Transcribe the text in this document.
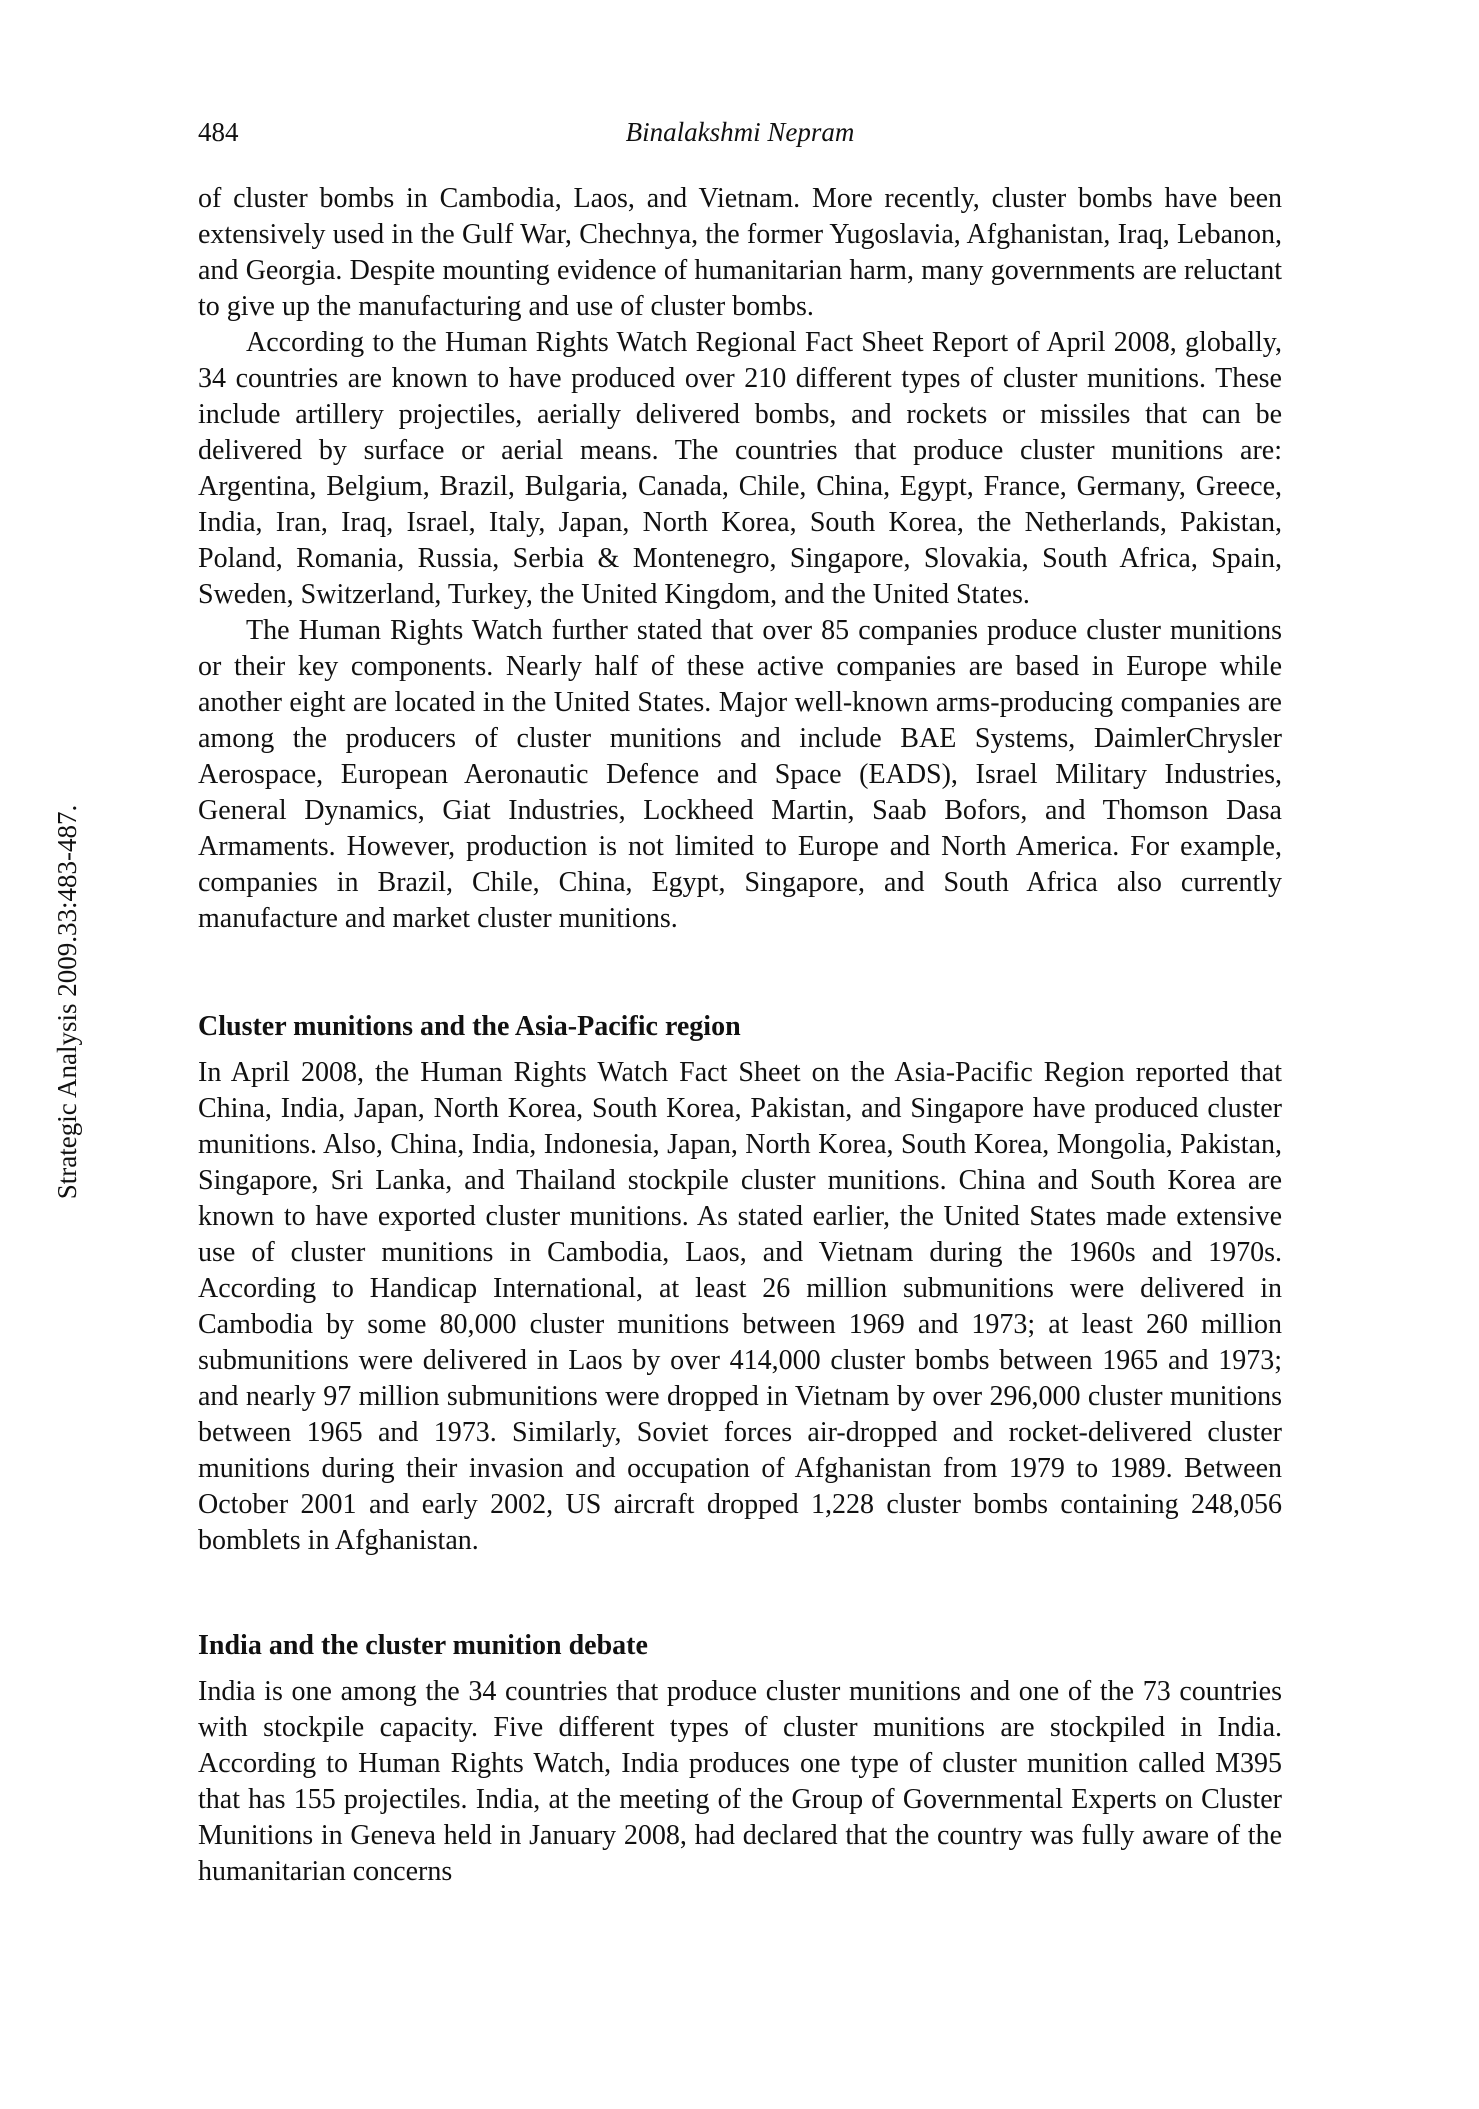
484	Binalakshmi Nepram
Strategic Analysis 2009.33:483-487.

of cluster bombs in Cambodia, Laos, and Vietnam. More recently, cluster bombs have been extensively used in the Gulf War, Chechnya, the former Yugoslavia, Afghanistan, Iraq, Lebanon, and Georgia. Despite mounting evidence of humanitarian harm, many governments are reluctant to give up the manufacturing and use of cluster bombs.

According to the Human Rights Watch Regional Fact Sheet Report of April 2008, globally, 34 countries are known to have produced over 210 different types of cluster munitions. These include artillery projectiles, aerially delivered bombs, and rockets or missiles that can be delivered by surface or aerial means. The countries that produce cluster munitions are: Argentina, Belgium, Brazil, Bulgaria, Canada, Chile, China, Egypt, France, Germany, Greece, India, Iran, Iraq, Israel, Italy, Japan, North Korea, South Korea, the Netherlands, Pakistan, Poland, Romania, Russia, Serbia & Montenegro, Singapore, Slovakia, South Africa, Spain, Sweden, Switzerland, Turkey, the United Kingdom, and the United States.

The Human Rights Watch further stated that over 85 companies produce cluster munitions or their key components. Nearly half of these active companies are based in Europe while another eight are located in the United States. Major well-known arms-producing companies are among the producers of cluster munitions and include BAE Systems, DaimlerChrysler Aerospace, European Aeronautic Defence and Space (EADS), Israel Military Industries, General Dynamics, Giat Industries, Lockheed Martin, Saab Bofors, and Thomson Dasa Armaments. However, production is not limited to Europe and North America. For example, companies in Brazil, Chile, China, Egypt, Singapore, and South Africa also currently manufacture and market cluster munitions.

Cluster munitions and the Asia-Pacific region

In April 2008, the Human Rights Watch Fact Sheet on the Asia-Pacific Region reported that China, India, Japan, North Korea, South Korea, Pakistan, and Singapore have produced cluster munitions. Also, China, India, Indonesia, Japan, North Korea, South Korea, Mongolia, Pakistan, Singapore, Sri Lanka, and Thailand stockpile cluster munitions. China and South Korea are known to have exported cluster munitions. As stated earlier, the United States made extensive use of cluster munitions in Cambodia, Laos, and Vietnam during the 1960s and 1970s. According to Handicap International, at least 26 million submunitions were delivered in Cambodia by some 80,000 cluster munitions between 1969 and 1973; at least 260 million submunitions were delivered in Laos by over 414,000 cluster bombs between 1965 and 1973; and nearly 97 million submunitions were dropped in Vietnam by over 296,000 cluster munitions between 1965 and 1973. Similarly, Soviet forces air-dropped and rocket-delivered cluster munitions during their invasion and occupation of Afghanistan from 1979 to 1989. Between October 2001 and early 2002, US aircraft dropped 1,228 cluster bombs containing 248,056 bomblets in Afghanistan.

India and the cluster munition debate

India is one among the 34 countries that produce cluster munitions and one of the 73 countries with stockpile capacity. Five different types of cluster munitions are stockpiled in India. According to Human Rights Watch, India produces one type of cluster munition called M395 that has 155 projectiles. India, at the meeting of the Group of Governmental Experts on Cluster Munitions in Geneva held in January 2008, had declared that the country was fully aware of the humanitarian concerns
